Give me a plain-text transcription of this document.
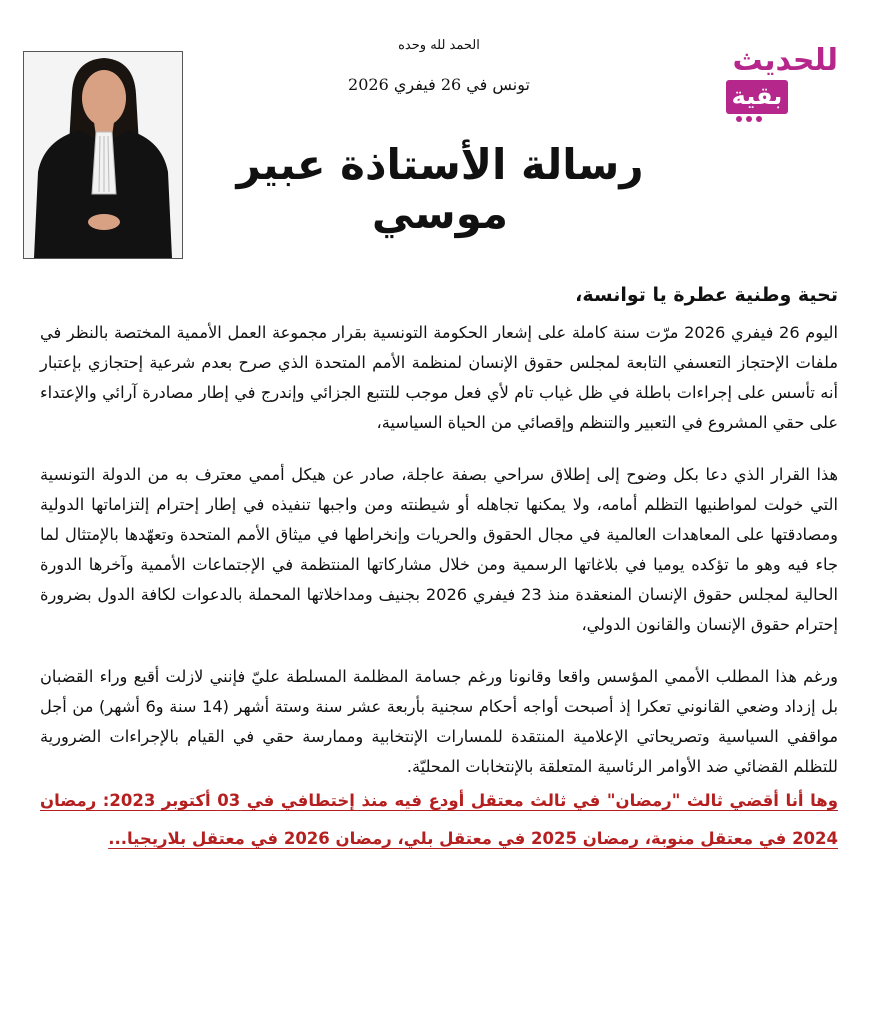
الحمد لله وحده
تونس في 26 فيفري 2026
رسالة الأستاذة عبير موسي
للحديث
بقية

تحية وطنية عطرة يا توانسة،

اليوم 26 فيفري 2026 مرّت سنة كاملة على إشعار الحكومة التونسية بقرار مجموعة العمل الأممية المختصة بالنظر في ملفات الإحتجاز التعسفي التابعة لمجلس حقوق الإنسان لمنظمة الأمم المتحدة الذي صرح بعدم شرعية إحتجازي بإعتبار أنه تأسس على إجراءات باطلة في ظل غياب تام لأي فعل موجب للتتبع الجزائي وإندرج في إطار مصادرة آرائي والإعتداء على حقي المشروع في التعبير والتنظم وإقصائي من الحياة السياسية،

هذا القرار الذي دعا بكل وضوح إلى إطلاق سراحي بصفة عاجلة، صادر عن هيكل أممي معترف به من الدولة التونسية التي خولت لمواطنيها التظلم أمامه، ولا يمكنها تجاهله أو شيطنته ومن واجبها تنفيذه في إطار إحترام إلتزاماتها الدولية ومصادقتها على المعاهدات العالمية في مجال الحقوق والحريات وإنخراطها في ميثاق الأمم المتحدة وتعهّدها بالإمتثال لما جاء فيه وهو ما تؤكده يوميا في بلاغاتها الرسمية ومن خلال مشاركاتها المنتظمة في الإجتماعات الأممية وآخرها الدورة الحالية لمجلس حقوق الإنسان المنعقدة منذ 23 فيفري 2026 بجنيف ومداخلاتها المحملة بالدعوات لكافة الدول بضرورة إحترام حقوق الإنسان والقانون الدولي،

ورغم هذا المطلب الأممي المؤسس واقعا وقانونا ورغم جسامة المظلمة المسلطة عليّ فإنني لازلت أقبع وراء القضبان بل إزداد وضعي القانوني تعكرا إذ أصبحت أواجه أحكام سجنية بأربعة عشر سنة وستة أشهر (14 سنة و6 أشهر) من أجل مواقفي السياسية وتصريحاتي الإعلامية المنتقدة للمسارات الإنتخابية وممارسة حقي في القيام بالإجراءات الضرورية للتظلم القضائي ضد الأوامر الرئاسية المتعلقة بالإنتخابات المحليّة.

وها أنا أقضي ثالث "رمضان" في ثالث معتقل أودع فيه منذ إختطافي في 03 أكتوبر 2023: رمضان 2024 في معتقل منوبة، رمضان 2025 في معتقل بلي، رمضان 2026 في معتقل بلاريجيا...
